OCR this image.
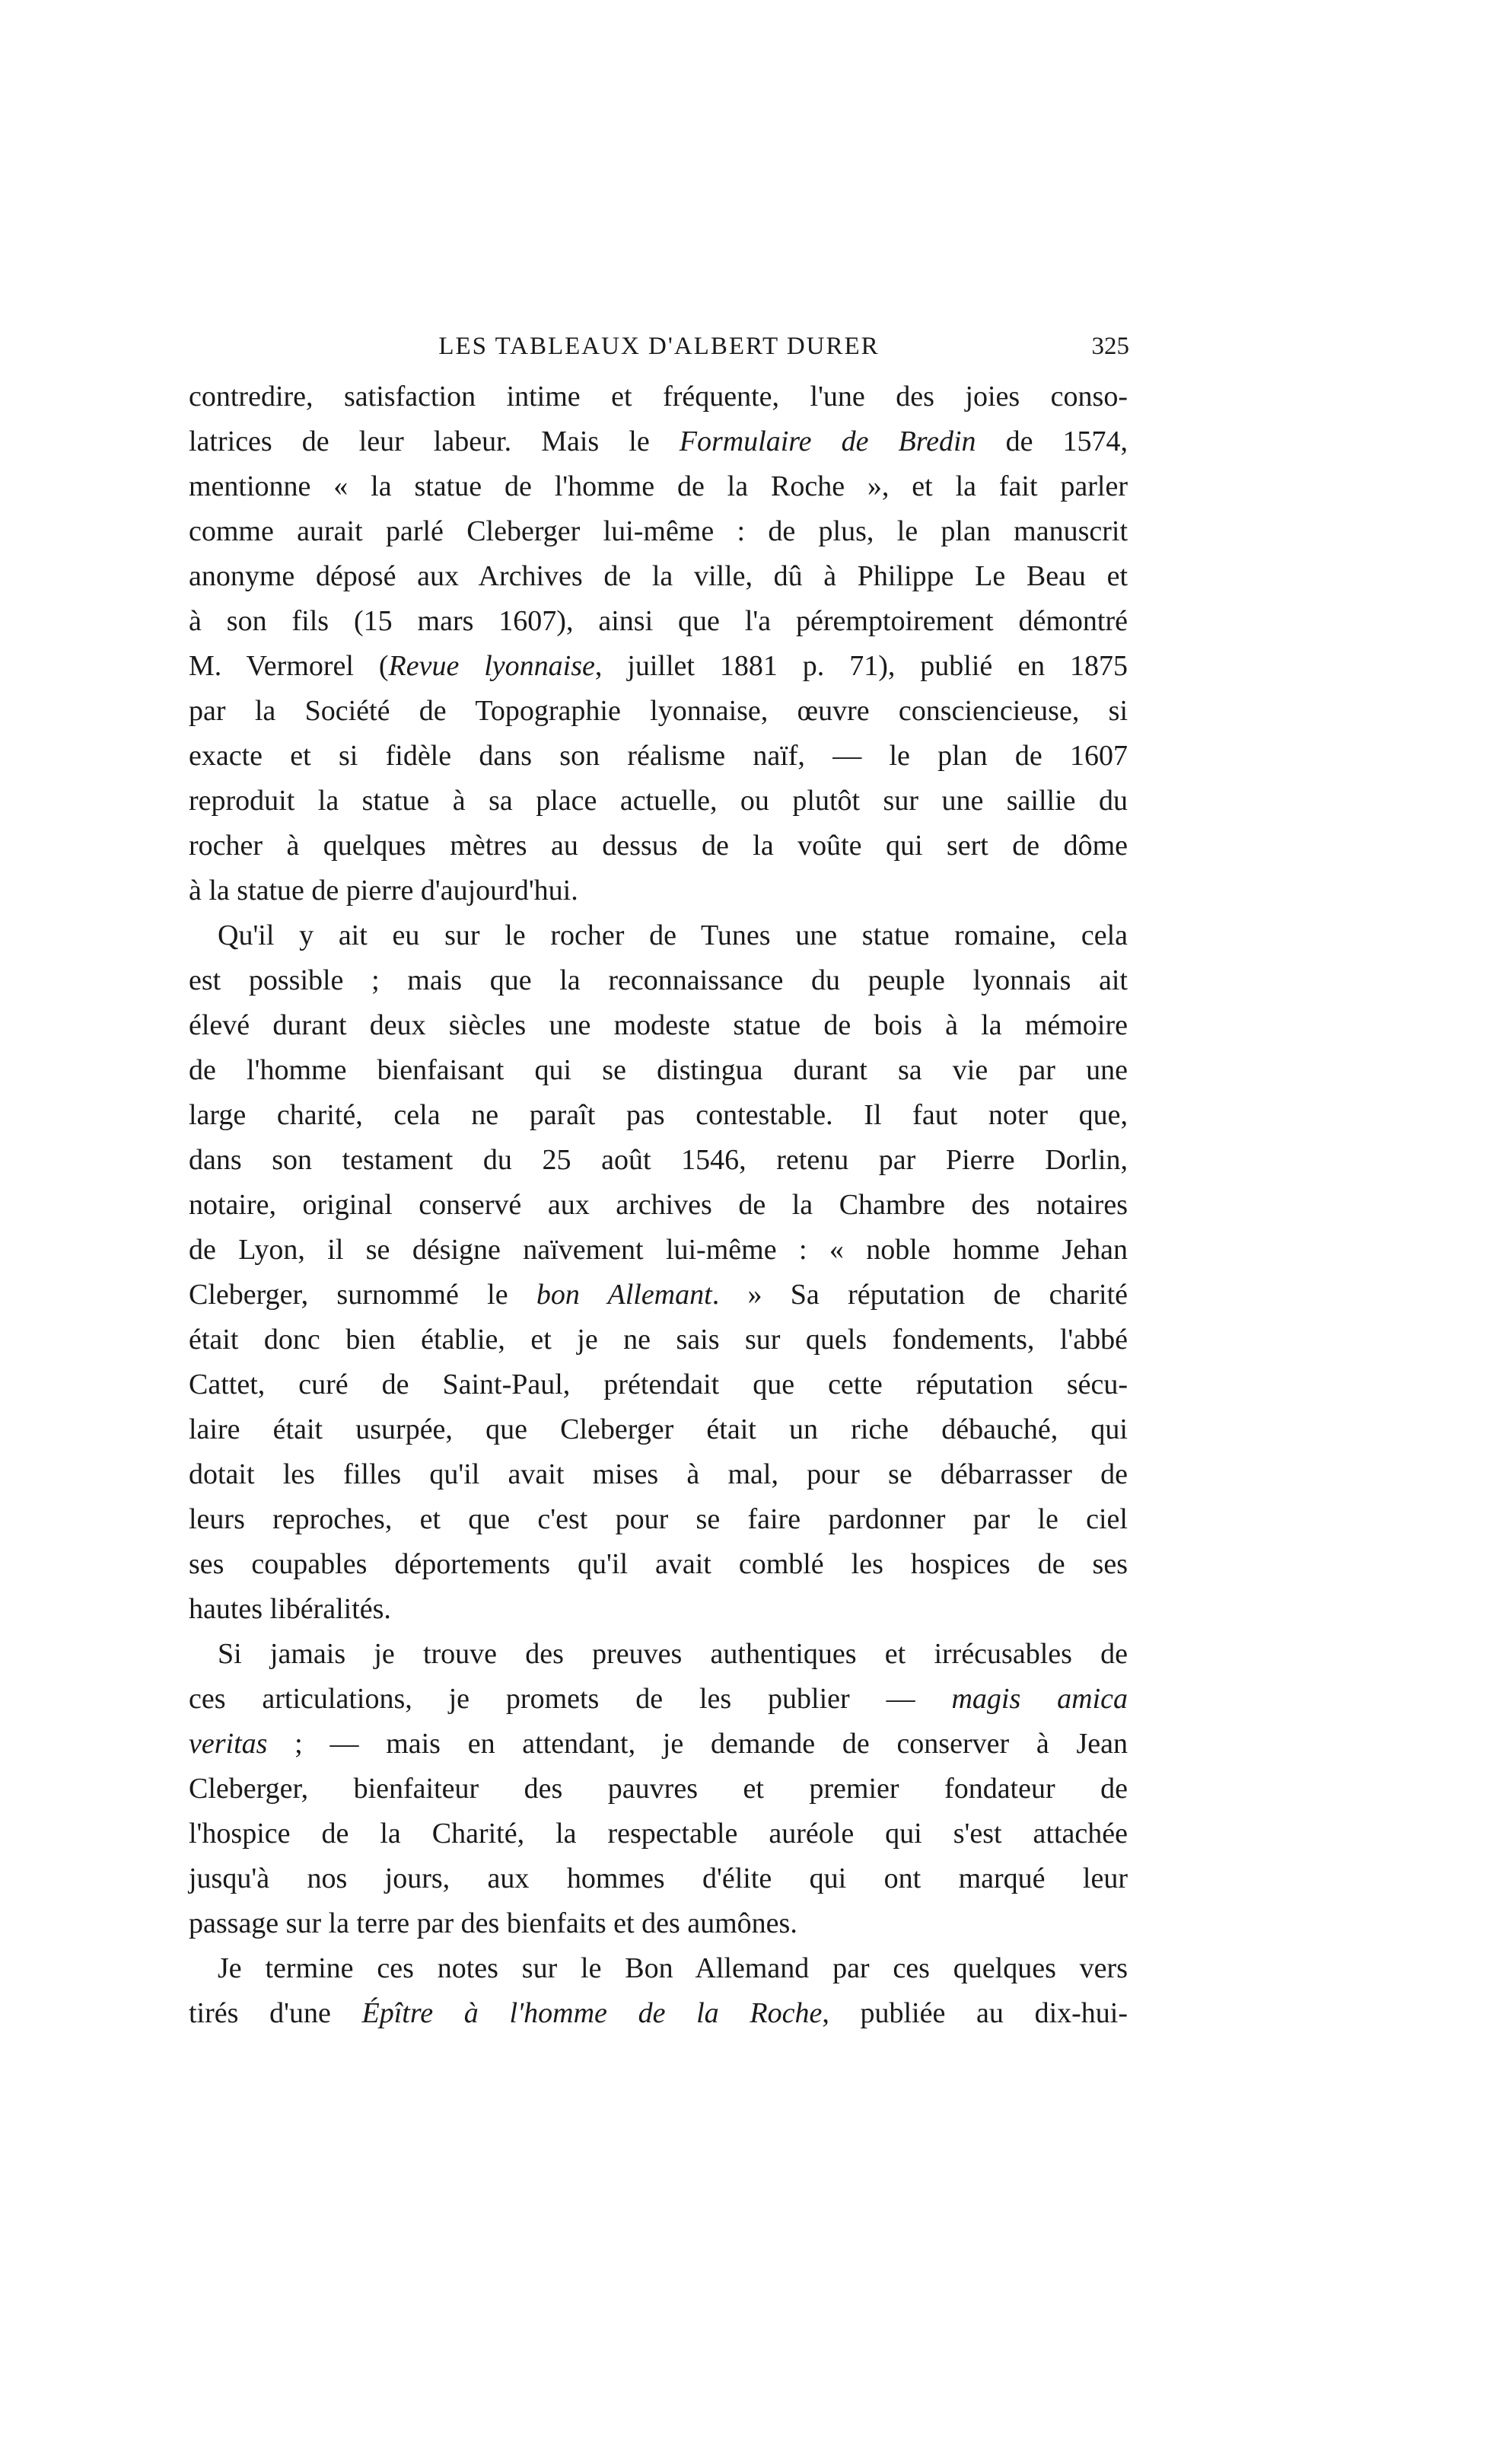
LES TABLEAUX D'ALBERT DURER	325
contredire, satisfaction intime et fréquente, l'une des joies conso-
latrices de leur labeur. Mais le Formulaire de Bredin de 1574,
mentionne « la statue de l'homme de la Roche », et la fait parler
comme aurait parlé Cleberger lui-même : de plus, le plan manuscrit
anonyme déposé aux Archives de la ville, dû à Philippe Le Beau et
à son fils (15 mars 1607), ainsi que l'a péremptoirement démontré
M. Vermorel (Revue lyonnaise, juillet 1881 p. 71), publié en 1875
par la Société de Topographie lyonnaise, œuvre consciencieuse, si
exacte et si fidèle dans son réalisme naïf, — le plan de 1607
reproduit la statue à sa place actuelle, ou plutôt sur une saillie du
rocher à quelques mètres au dessus de la voûte qui sert de dôme
à la statue de pierre d'aujourd'hui.
Qu'il y ait eu sur le rocher de Tunes une statue romaine, cela
est possible ; mais que la reconnaissance du peuple lyonnais ait
élevé durant deux siècles une modeste statue de bois à la mémoire
de l'homme bienfaisant qui se distingua durant sa vie par une
large charité, cela ne paraît pas contestable. Il faut noter que,
dans son testament du 25 août 1546, retenu par Pierre Dorlin,
notaire, original conservé aux archives de la Chambre des notaires
de Lyon, il se désigne naïvement lui-même : « noble homme Jehan
Cleberger, surnommé le bon Allemant. » Sa réputation de charité
était donc bien établie, et je ne sais sur quels fondements, l'abbé
Cattet, curé de Saint-Paul, prétendait que cette réputation sécu-
laire était usurpée, que Cleberger était un riche débauché, qui
dotait les filles qu'il avait mises à mal, pour se débarrasser de
leurs reproches, et que c'est pour se faire pardonner par le ciel
ses coupables déportements qu'il avait comblé les hospices de ses
hautes libéralités.
Si jamais je trouve des preuves authentiques et irrécusables de
ces articulations, je promets de les publier — magis amica
veritas ; — mais en attendant, je demande de conserver à Jean
Cleberger, bienfaiteur des pauvres et premier fondateur de
l'hospice de la Charité, la respectable auréole qui s'est attachée
jusqu'à nos jours, aux hommes d'élite qui ont marqué leur
passage sur la terre par des bienfaits et des aumônes.
Je termine ces notes sur le Bon Allemand par ces quelques vers
tirés d'une Épître à l'homme de la Roche, publiée au dix-hui-
